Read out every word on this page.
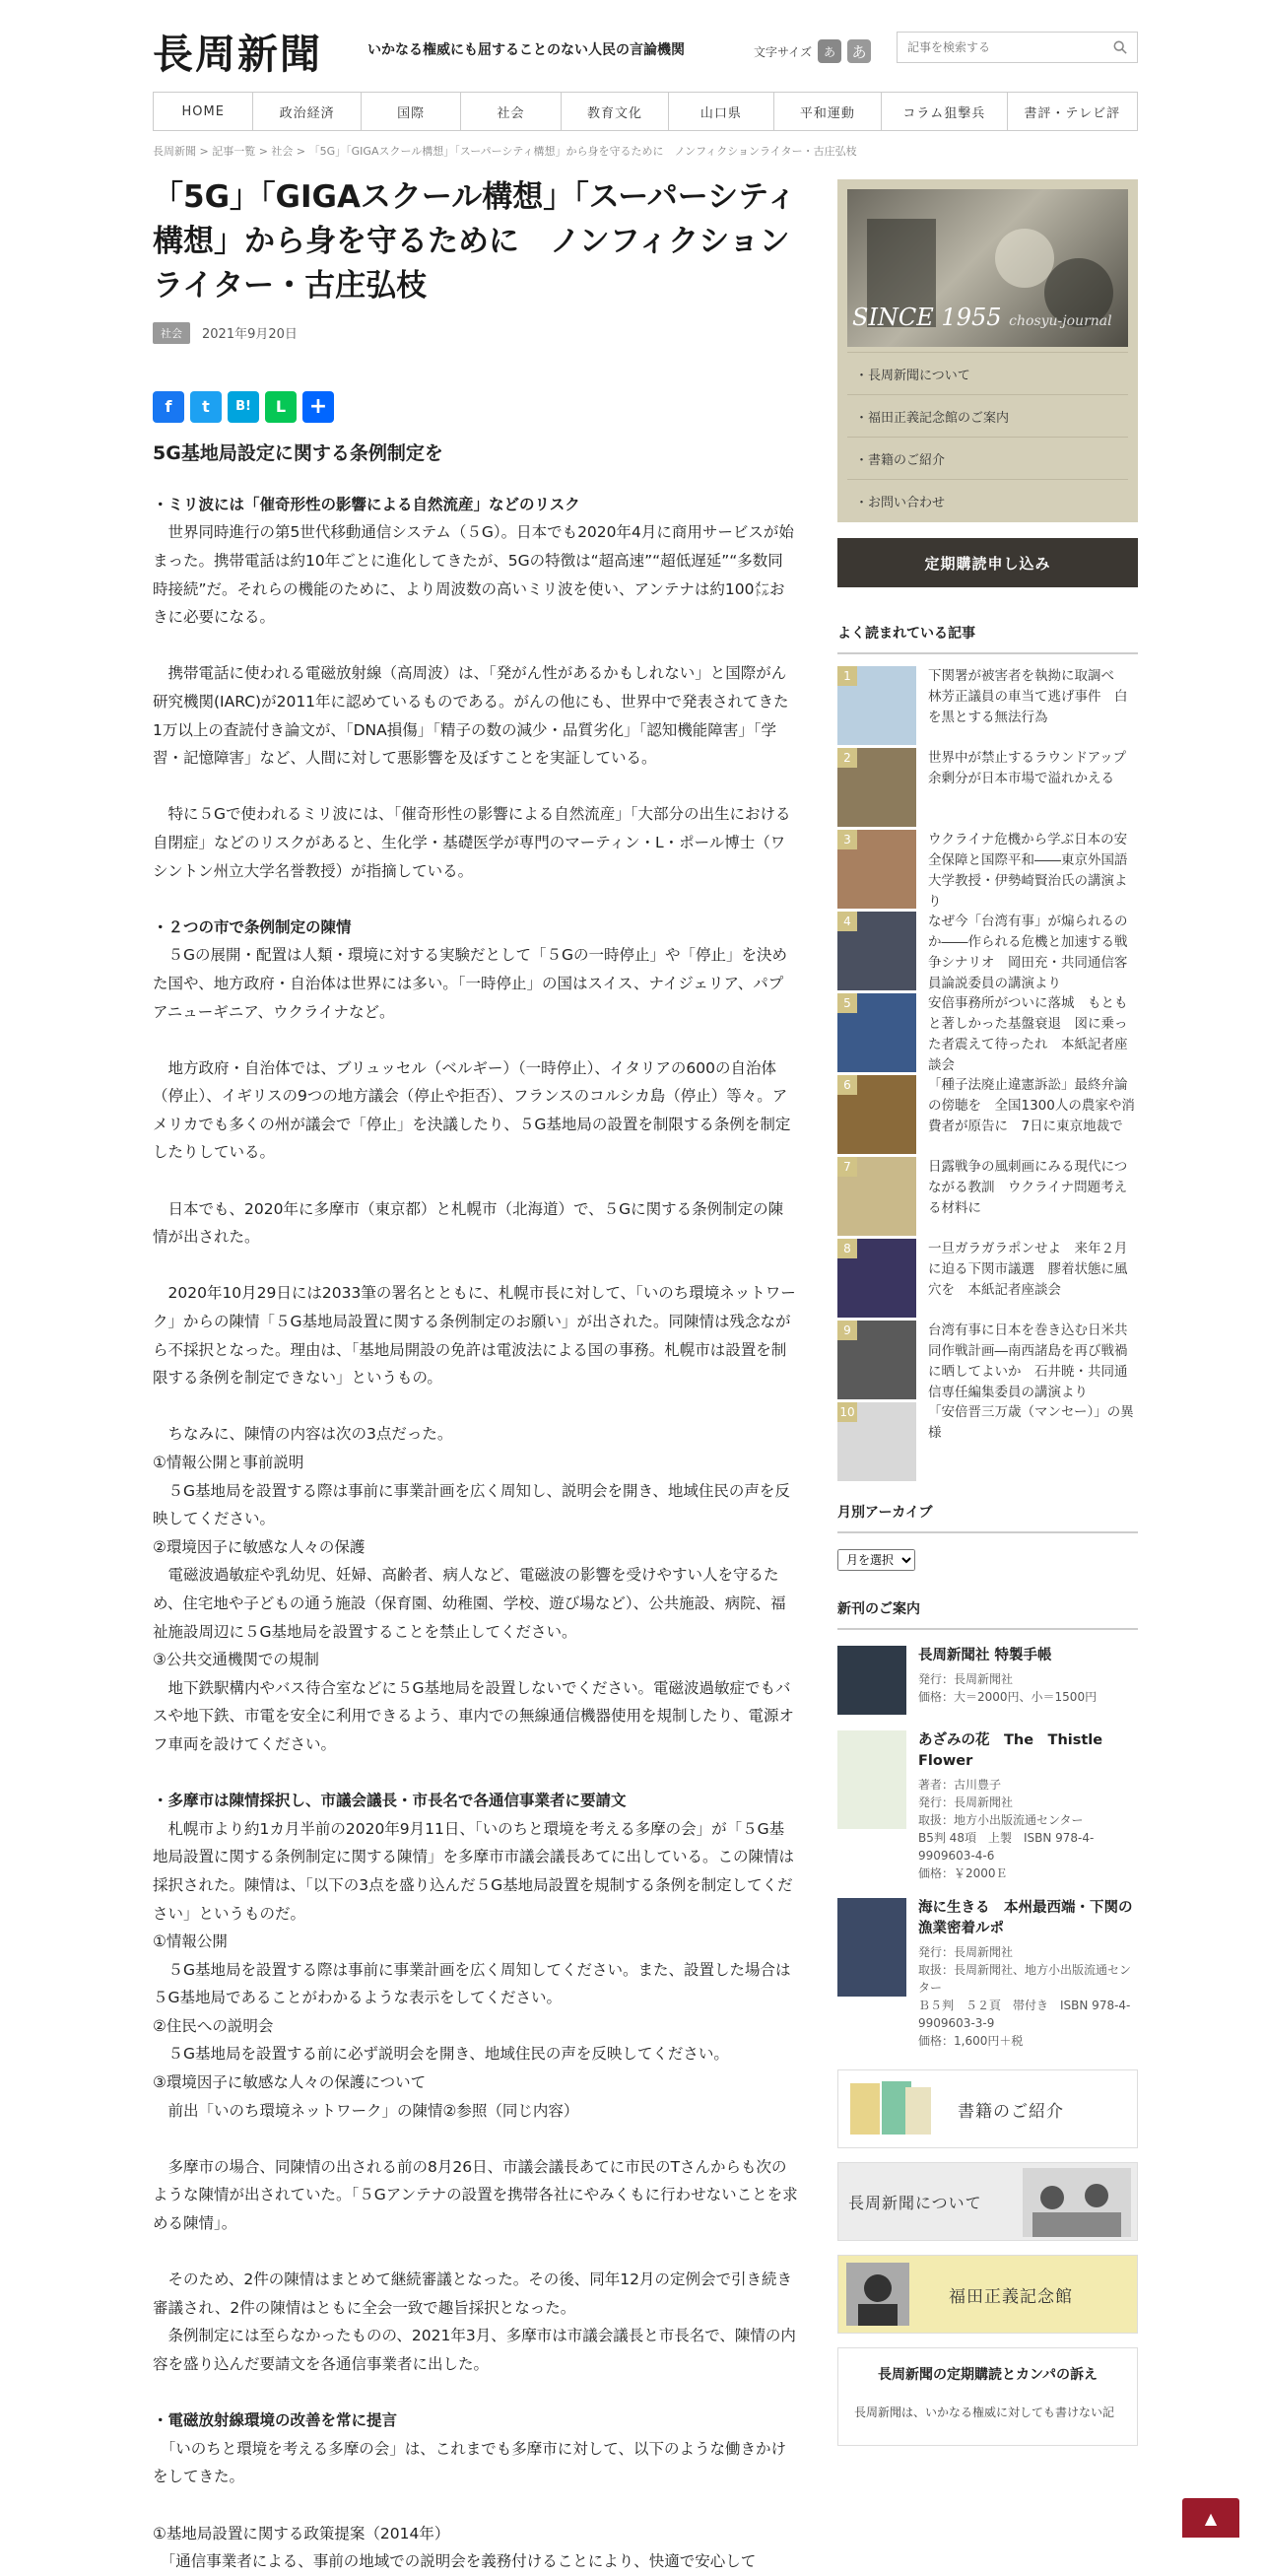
長周新聞	いかなる権威にも屈することのない人民の言論機関	文字サイズ あ	あ
記事を検索する
HOME	政治経済	国際	社会	教育文化	山口県	平和運動	コラム狙撃兵	書評・テレビ評
長周新聞 > 記事一覧 > 社会 > 「5G」｢GIGAスクール構想｣「スーパーシティ構想」から身を守るために　ノンフィクションライター・古庄弘枝
「5G」｢GIGAスクール構想｣「スーパーシティ構想」から身を守るために　ノンフィクションライター・古庄弘枝
社会	2021年9月20日
f	t	B!	L	+
5G基地局設定に関する条例制定を

・ミリ波には「催奇形性の影響による自然流産」などのリスク

　世界同時進行の第5世代移動通信システム（５G）。日本でも2020年4月に商用サービスが始まった。携帯電話は約10年ごとに進化してきたが、5Gの特徴は“超高速”“超低遅延”“多数同時接続”だ。それらの機能のために、より周波数の高いミリ波を使い、アンテナは約100㍍おきに必要になる。

　携帯電話に使われる電磁放射線（高周波）は、「発がん性があるかもしれない」と国際がん研究機関(IARC)が2011年に認めているものである。がんの他にも、世界中で発表されてきた1万以上の査読付き論文が、「DNA損傷」「精子の数の減少・品質劣化」「認知機能障害」「学習・記憶障害」など、人間に対して悪影響を及ぼすことを実証している。

　特に５Gで使われるミリ波には、「催奇形性の影響による自然流産」「大部分の出生における自閉症」などのリスクがあると、生化学・基礎医学が専門のマーティン・L・ポール博士（ワシントン州立大学名誉教授）が指摘している。

・２つの市で条例制定の陳情

　５Gの展開・配置は人類・環境に対する実験だとして「５Gの一時停止」や「停止」を決めた国や、地方政府・自治体は世界には多い。「一時停止」の国はスイス、ナイジェリア、パプアニューギニア、ウクライナなど。

　地方政府・自治体では、ブリュッセル（ベルギー）（一時停止）、イタリアの600の自治体（停止）、イギリスの9つの地方議会（停止や拒否）、フランスのコルシカ島（停止）等々。アメリカでも多くの州が議会で「停止」を決議したり、５G基地局の設置を制限する条例を制定したりしている。

　日本でも、2020年に多摩市（東京都）と札幌市（北海道）で、５Gに関する条例制定の陳情が出された。

　2020年10月29日には2033筆の署名とともに、札幌市長に対して、「いのち環境ネットワーク」からの陳情「５G基地局設置に関する条例制定のお願い」が出された。同陳情は残念ながら不採択となった。理由は、「基地局開設の免許は電波法による国の事務。札幌市は設置を制限する条例を制定できない」というもの。

　ちなみに、陳情の内容は次の3点だった。

①情報公開と事前説明

　５G基地局を設置する際は事前に事業計画を広く周知し、説明会を開き、地域住民の声を反映してください。

②環境因子に敏感な人々の保護

　電磁波過敏症や乳幼児、妊婦、高齢者、病人など、電磁波の影響を受けやすい人を守るため、住宅地や子どもの通う施設（保育園、幼稚園、学校、遊び場など）、公共施設、病院、福祉施設周辺に５G基地局を設置することを禁止してください。

③公共交通機関での規制

　地下鉄駅構内やバス待合室などに５G基地局を設置しないでください。電磁波過敏症でもバスや地下鉄、市電を安全に利用できるよう、車内での無線通信機器使用を規制したり、電源オフ車両を設けてください。

・多摩市は陳情採択し、市議会議長・市長名で各通信事業者に要請文

　札幌市より約1カ月半前の2020年9月11日、「いのちと環境を考える多摩の会」が「５G基地局設置に関する条例制定に関する陳情」を多摩市市議会議長あてに出している。この陳情は採択された。陳情は、「以下の3点を盛り込んだ５G基地局設置を規制する条例を制定してください」というものだ。

①情報公開

　５G基地局を設置する際は事前に事業計画を広く周知してください。また、設置した場合は５G基地局であることがわかるような表示をしてください。

②住民への説明会

　５G基地局を設置する前に必ず説明会を開き、地域住民の声を反映してください。

③環境因子に敏感な人々の保護について

　前出「いのち環境ネットワーク」の陳情②参照（同じ内容）

　多摩市の場合、同陳情の出される前の8月26日、市議会議長あてに市民のTさんからも次のような陳情が出されていた。「５Gアンテナの設置を携帯各社にやみくもに行わせないことを求める陳情」。

　そのため、2件の陳情はまとめて継続審議となった。その後、同年12月の定例会で引き続き審議され、2件の陳情はともに全会一致で趣旨採択となった。

　条例制定には至らなかったものの、2021年3月、多摩市は市議会議長と市長名で、陳情の内容を盛り込んだ要請文を各通信事業者に出した。

・電磁放射線環境の改善を常に提言

　「いのちと環境を考える多摩の会」は、これまでも多摩市に対して、以下のような働きかけをしてきた。

①基地局設置に関する政策提案（2014年）

　「通信事業者による、事前の地域での説明会を義務付けることにより、快適で安心して

SINCE 1955 chosyu-journal
・ 長周新聞について
・ 福田正義記念館のご案内
・ 書籍のご紹介
・ お問い合わせ
定期購読申し込み
よく読まれている記事
1	下関署が被害者を執拗に取調べ　林芳正議員の車当て逃げ事件　白を黒とする無法行為
2	世界中が禁止するラウンドアップ　余剰分が日本市場で溢れかえる
3	ウクライナ危機から学ぶ日本の安全保障と国際平和――東京外国語大学教授・伊勢崎賢治氏の講演より
4	なぜ今「台湾有事」が煽られるのか――作られる危機と加速する戦争シナリオ　岡田充・共同通信客員論説委員の講演より
5	安倍事務所がついに落城　もともと著しかった基盤衰退　図に乗った者震えて待ったれ　本紙記者座談会
6	「種子法廃止違憲訴訟」最終弁論の傍聴を　全国1300人の農家や消費者が原告に　7日に東京地裁で
7	日露戦争の風刺画にみる現代につながる教訓　ウクライナ問題考える材料に
8	一旦ガラガラポンせよ　来年２月に迫る下関市議選　膠着状態に風穴を　本紙記者座談会
9	台湾有事に日本を巻き込む日米共同作戦計画―南西諸島を再び戦禍に晒してよいか　石井暁・共同通信専任編集委員の講演より
10	「安倍晋三万歳（マンセー）」の異様
月別アーカイブ
月を選択
新刊のご案内
長周新聞社 特製手帳
発行：長周新聞社
価格：大＝2000円、小＝1500円
あざみの花　The　Thistle Flower
著者：古川豊子
発行：長周新聞社
取扱：地方小出版流通センター
B5判 48項　上製　ISBN 978-4-9909603-4-6
価格：￥2000Ｅ
海に生きる　本州最西端・下関の漁業密着ルポ
発行：長周新聞社
取扱：長周新聞社、地方小出版流通センター
Ｂ５判　５２頁　帯付き　ISBN 978-4-9909603-3-9
価格：1,600円＋税
書籍のご紹介
長周新聞について
福田正義記念館
長周新聞の定期購読とカンパの訴え
長周新聞は、いかなる権威に対しても書けない記
▲
